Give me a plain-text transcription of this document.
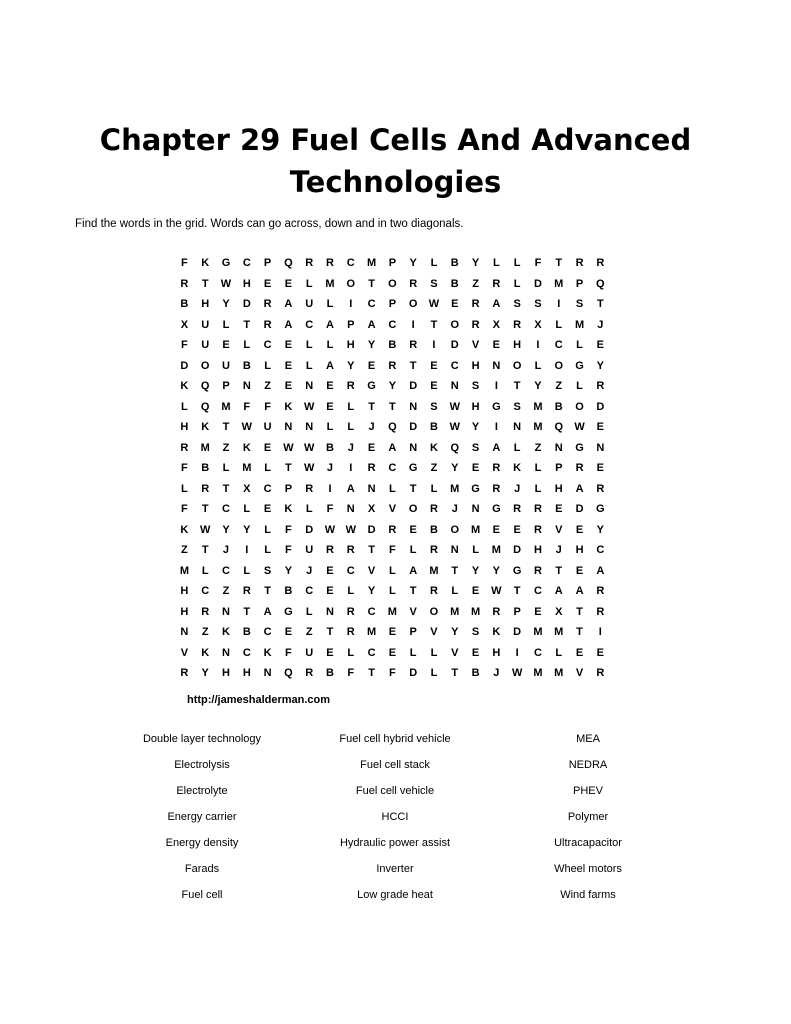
Chapter 29 Fuel Cells And Advanced Technologies

Find the words in the grid. Words can go across, down and in two diagonals.

F	K	G	C	P	Q	R	R	C	M	P	Y	L	B	Y	L	L	F	T	R	R
R	T	W	H	E	E	L	M	O	T	O	R	S	B	Z	R	L	D	M	P	Q
B	H	Y	D	R	A	U	L	I	C	P	O	W	E	R	A	S	S	I	S	T
X	U	L	T	R	A	C	A	P	A	C	I	T	O	R	X	R	X	L	M	J
F	U	E	L	C	E	L	L	H	Y	B	R	I	D	V	E	H	I	C	L	E
D	O	U	B	L	E	L	A	Y	E	R	T	E	C	H	N	O	L	O	G	Y
K	Q	P	N	Z	E	N	E	R	G	Y	D	E	N	S	I	T	Y	Z	L	R
L	Q	M	F	F	K	W	E	L	T	T	N	S	W	H	G	S	M	B	O	D
H	K	T	W	U	N	N	L	L	J	Q	D	B	W	Y	I	N	M	Q	W	E
R	M	Z	K	E	W W	B	J	E	A	N	K	Q	S	A	L	Z	N	G	N
F	B	L	M	L	T	W	J	I	R	C	G	Z	Y	E	R	K	L	P	R	E
L	R	T	X	C	P	R	I	A	N	L	T	L	M	G	R	J	L	H	A	R
F	T	C	L	E	K	L	F	N	X	V	O	R	J	N	G	R	R	E	D	G
K	W	Y	Y	L	F	D	W W	D	R	E	B	O	M	E	E	R	V	E	Y
Z	T	J	I	L	F	U	R	R	T	F	L	R	N	L	M	D	H	J	H	C
M	L	C	L	S	Y	J	E	C	V	L	A	M	T	Y	Y	G	R	T	E	A
H	C	Z	R	T	B	C	E	L	Y	L	T	R	L	E	W	T	C	A	A	R
H	R	N	T	A	G	L	N	R	C	M	V	O	M	M	R	P	E	X	T	R
N	Z	K	B	C	E	Z	T	R	M	E	P	V	Y	S	K	D	M	M	T	I
V	K	N	C	K	F	U	E	L	C	E	L	L	V	E	H	I	C	L	E	E
R	Y	H	H	N	Q	R	B	F	T	F	D	L	T	B	J	W	M	M	V	R
http://jameshalderman.com
Double layer technology
Electrolysis
Electrolyte
Energy carrier
Energy density
Farads
Fuel cell
Fuel cell hybrid vehicle
Fuel cell stack
Fuel cell vehicle
HCCI
Hydraulic power assist
Inverter
Low grade heat
MEA
NEDRA
PHEV
Polymer
Ultracapacitor
Wheel motors
Wind farms
